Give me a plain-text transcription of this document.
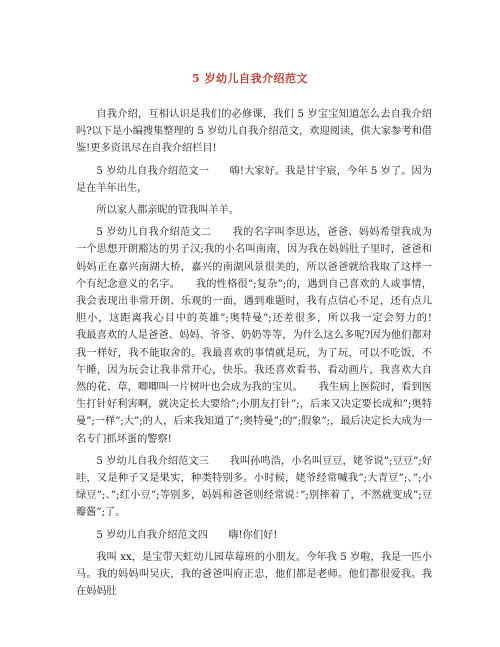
5 岁幼儿自我介绍范文

自我介绍，互相认识是我们的必修课，我们 5 岁宝宝知道怎么去自我介绍吗?以下是小编搜集整理的 5 岁幼儿自我介绍范文，欢迎阅读，供大家参考和借鉴!更多资讯尽在自我介绍栏目!

5 岁幼儿自我介绍范文一　　嗨!大家好。我是甘宇宸，今年 5 岁了。因为是在羊年出生，

所以家人都亲昵的管我叫羊羊。

5 岁幼儿自我介绍范文二　　我的名字叫李思达，爸爸、妈妈希望我成为一个思想开朗豁达的男子汉;我的小名叫南南，因为我在妈妈肚子里时，爸爸和妈妈正在嘉兴南湖大桥，嘉兴的南湖风景很美的，所以爸爸就给我取了这样一个有纪念意义的名字。　　我的性格很”;复杂”;的，遇到自己喜欢的人或事情，我会表现出非常开朗、乐观的一面，遇到难题时，我有点信心不足，还有点儿胆小，这距离我心目中的英雄”;奥特曼”;还差很多，所以我一定会努力的!　　我最喜欢的人是爸爸、妈妈、爷爷、奶奶等等，为什么这么多呢?因为他们都对我一样好，我不能取舍的。我最喜欢的事情就是玩，为了玩，可以不吃饭，不午睡，因为玩会让我非常开心，快乐。我还喜欢看书、看动画片，我喜欢大自然的花、草，唧唧叫一片树叶也会成为我的宝贝。　　我生病上医院时，看到医生打针好利害啊，就决定长大要给”;小朋友打针”;，后来又决定要长成和”;奥特曼”;一样”;大”;的人，后来我知道了”;奥特曼”;的”;假象”;，最后决定长大成为一名专门抓坏蛋的警察!

5 岁幼儿自我介绍范文三　　我叫孙鸣浩，小名叫豆豆，姥爷说”;豆豆”;好哇，又是种子又是果实，种类特别多。小时候，姥爷经常喊我”;大青豆”;、”;小绿豆”;、”;红小豆”;等别多，妈妈和爸爸则经常说：”;别摔着了，不然就变成”;豆瓣酱”;了。

5 岁幼儿自我介绍范文四　　嗨!你们好!

我叫 xx，是宝带天虹幼儿园草莓班的小朋友。今年我 5 岁啦，我是一匹小马。我的妈妈叫吴庆，我的爸爸叫府正忠，他们都是老师。他们都很爱我。我在妈妈肚
